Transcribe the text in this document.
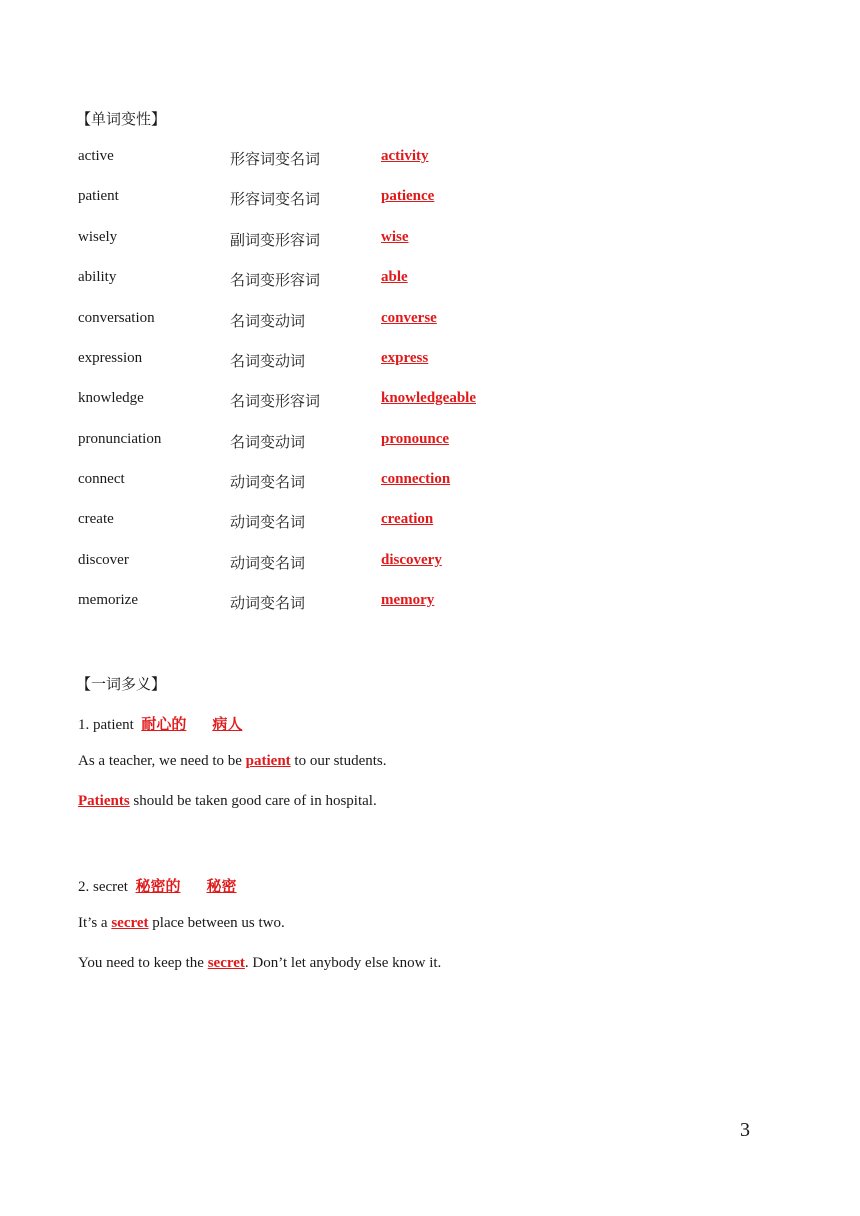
【单词变性】
active	形容词变名词	activity
patient	形容词变名词	patience
wisely	副词变形容词	wise
ability	名词变形容词	able
conversation	名词变动词	converse
expression	名词变动词	express
knowledge	名词变形容词	knowledgeable
pronunciation	名词变动词	pronounce
connect	动词变名词	connection
create	动词变名词	creation
discover	动词变名词	discovery
memorize	动词变名词	memory
【一词多义】
1. patient 耐心的 病人
As a teacher, we need to be patient to our students.
Patients should be taken good care of in hospital.
2. secret 秘密的 秘密
It’s a secret place between us two.
You need to keep the secret. Don’t let anybody else know it.
3
